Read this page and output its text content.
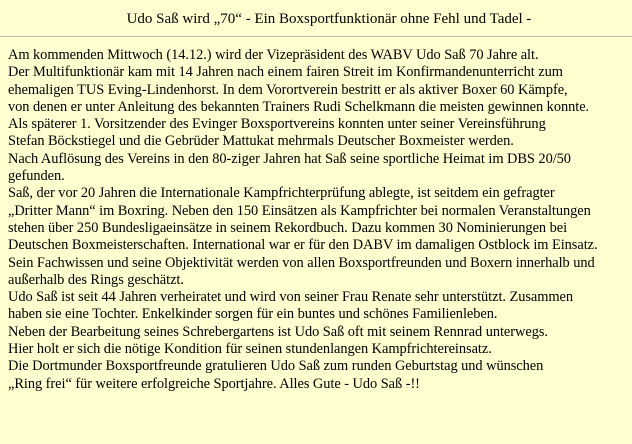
Udo Saß wird „70“ - Ein Boxsportfunktionär ohne Fehl und Tadel -
Am kommenden Mittwoch (14.12.) wird der Vizepräsident des WABV Udo Saß 70 Jahre alt.
Der Multifunktionär kam mit 14 Jahren nach einem fairen Streit im Konfirmandenunterricht zum
ehemaligen TUS Eving-Lindenhorst. In dem Vorortverein bestritt er als aktiver Boxer 60 Kämpfe,
von denen er unter Anleitung des bekannten Trainers Rudi Schelkmann die meisten gewinnen konnte.
Als späterer 1. Vorsitzender des Evinger Boxsportvereins konnten unter seiner Vereinsführung
Stefan Böckstiegel und die Gebrüder Mattukat mehrmals Deutscher Boxmeister werden.
Nach Auflösung des Vereins in den 80-ziger Jahren hat Saß seine sportliche Heimat im DBS 20/50
gefunden.
Saß, der vor 20 Jahren die Internationale Kampfrichterprüfung ablegte, ist seitdem ein gefragter
„Dritter Mann“ im Boxring. Neben den 150 Einsätzen als Kampfrichter bei normalen Veranstaltungen
stehen über 250 Bundesligaeinsätze in seinem Rekordbuch. Dazu kommen 30 Nominierungen bei
Deutschen Boxmeisterschaften. International war er für den DABV im damaligen Ostblock im Einsatz.
Sein Fachwissen und seine Objektivität werden von allen Boxsportfreunden und Boxern innerhalb und
außerhalb des Rings geschätzt.
Udo Saß ist seit 44 Jahren verheiratet und wird von seiner Frau Renate sehr unterstützt. Zusammen
haben sie eine Tochter. Enkelkinder sorgen für ein buntes und schönes Familienleben.
Neben der Bearbeitung seines Schrebergartens ist Udo Saß oft mit seinem Rennrad unterwegs.
Hier holt er sich die nötige Kondition für seinen stundenlangen Kampfrichtereinsatz.
Die Dortmunder Boxsportfreunde gratulieren Udo Saß zum runden Geburtstag und wünschen
„Ring frei“ für weitere erfolgreiche Sportjahre. Alles Gute - Udo Saß -!!
